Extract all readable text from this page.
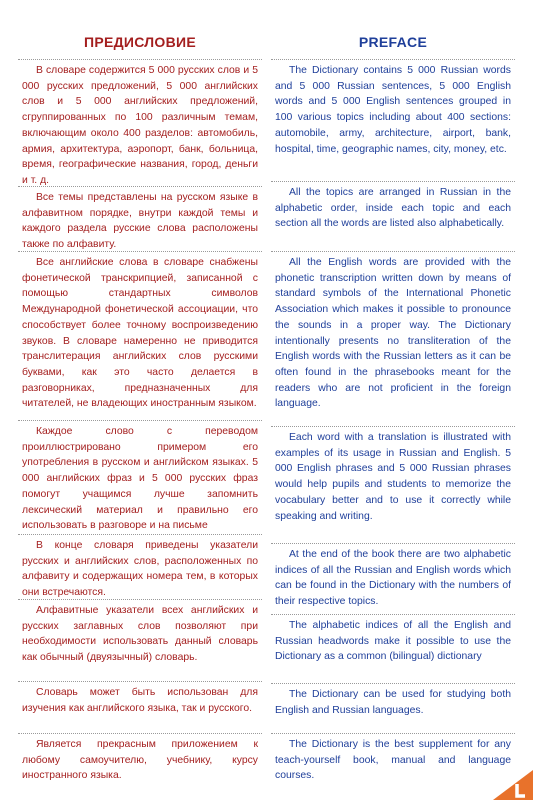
ПРЕДИСЛОВИЕ

В словаре содержится 5 000 русских слов и 5 000 русских предложений, 5 000 английских слов и 5 000 английских предложений, сгруппированных по 100 различным темам, включающим около 400 разделов: автомобиль, армия, архитектура, аэропорт, банк, больница, время, географические названия, город, деньги и т. д.

Все темы представлены на русском языке в алфавитном порядке, внутри каждой темы и каждого раздела русские слова расположены также по алфавиту.

Все английские слова в словаре снабжены фонетической транскрипцией, записанной с помощью стандартных символов Международной фонетической ассоциации, что способствует более точному воспроизведению звуков. В словаре намеренно не приводится транслитерация английских слов русскими буквами, как это часто делается в разговорниках, предназначенных для читателей, не владеющих иностранным языком.

Каждое слово с переводом проиллюстрировано примером его употребления в русском и английском языках. 5 000 английских фраз и 5 000 русских фраз помогут учащимся лучше запомнить лексический материал и правильно его использовать в разговоре и на письме

В конце словаря приведены указатели русских и английских слов, расположенных по алфавиту и содержащих номера тем, в которых они встречаются.

Алфавитные указатели всех английских и русских заглавных слов позволяют при необходимости использовать данный словарь как обычный (двуязычный) словарь.

Словарь может быть использован для изучения как английского языка, так и русского.

Является прекрасным приложением к любому самоучителю, учебнику, курсу иностранного языка.

PREFACE

The Dictionary contains 5 000 Russian words and 5 000 Russian sentences, 5 000 English words and 5 000 English sentences grouped in 100 various topics including about 400 sections: automobile, army, architecture, airport, bank, hospital, time, geographic names, city, money, etc.

All the topics are arranged in Russian in the alphabetic order, inside each topic and each section all the words are listed also alphabetically.

All the English words are provided with the phonetic transcription written down by means of standard symbols of the International Phonetic Association which makes it possible to pronounce the sounds in a proper way. The Dictionary intentionally presents no transliteration of the English words with the Russian letters as it can be often found in the phrasebooks meant for the readers who are not proficient in the foreign language.

Each word with a translation is illustrated with examples of its usage in Russian and English. 5 000 English phrases and 5 000 Russian phrases would help pupils and students to memorize the vocabulary better and to use it correctly while speaking and writing.

At the end of the book there are two alphabetic indices of all the Russian and English words which can be found in the Dictionary with the numbers of their respective topics.

The alphabetic indices of all the English and Russian headwords make it possible to use the Dictionary as a common (bilingual) dictionary

The Dictionary can be used for studying both English and Russian languages.

The Dictionary is the best supplement for any teach-yourself book, manual and language courses.
